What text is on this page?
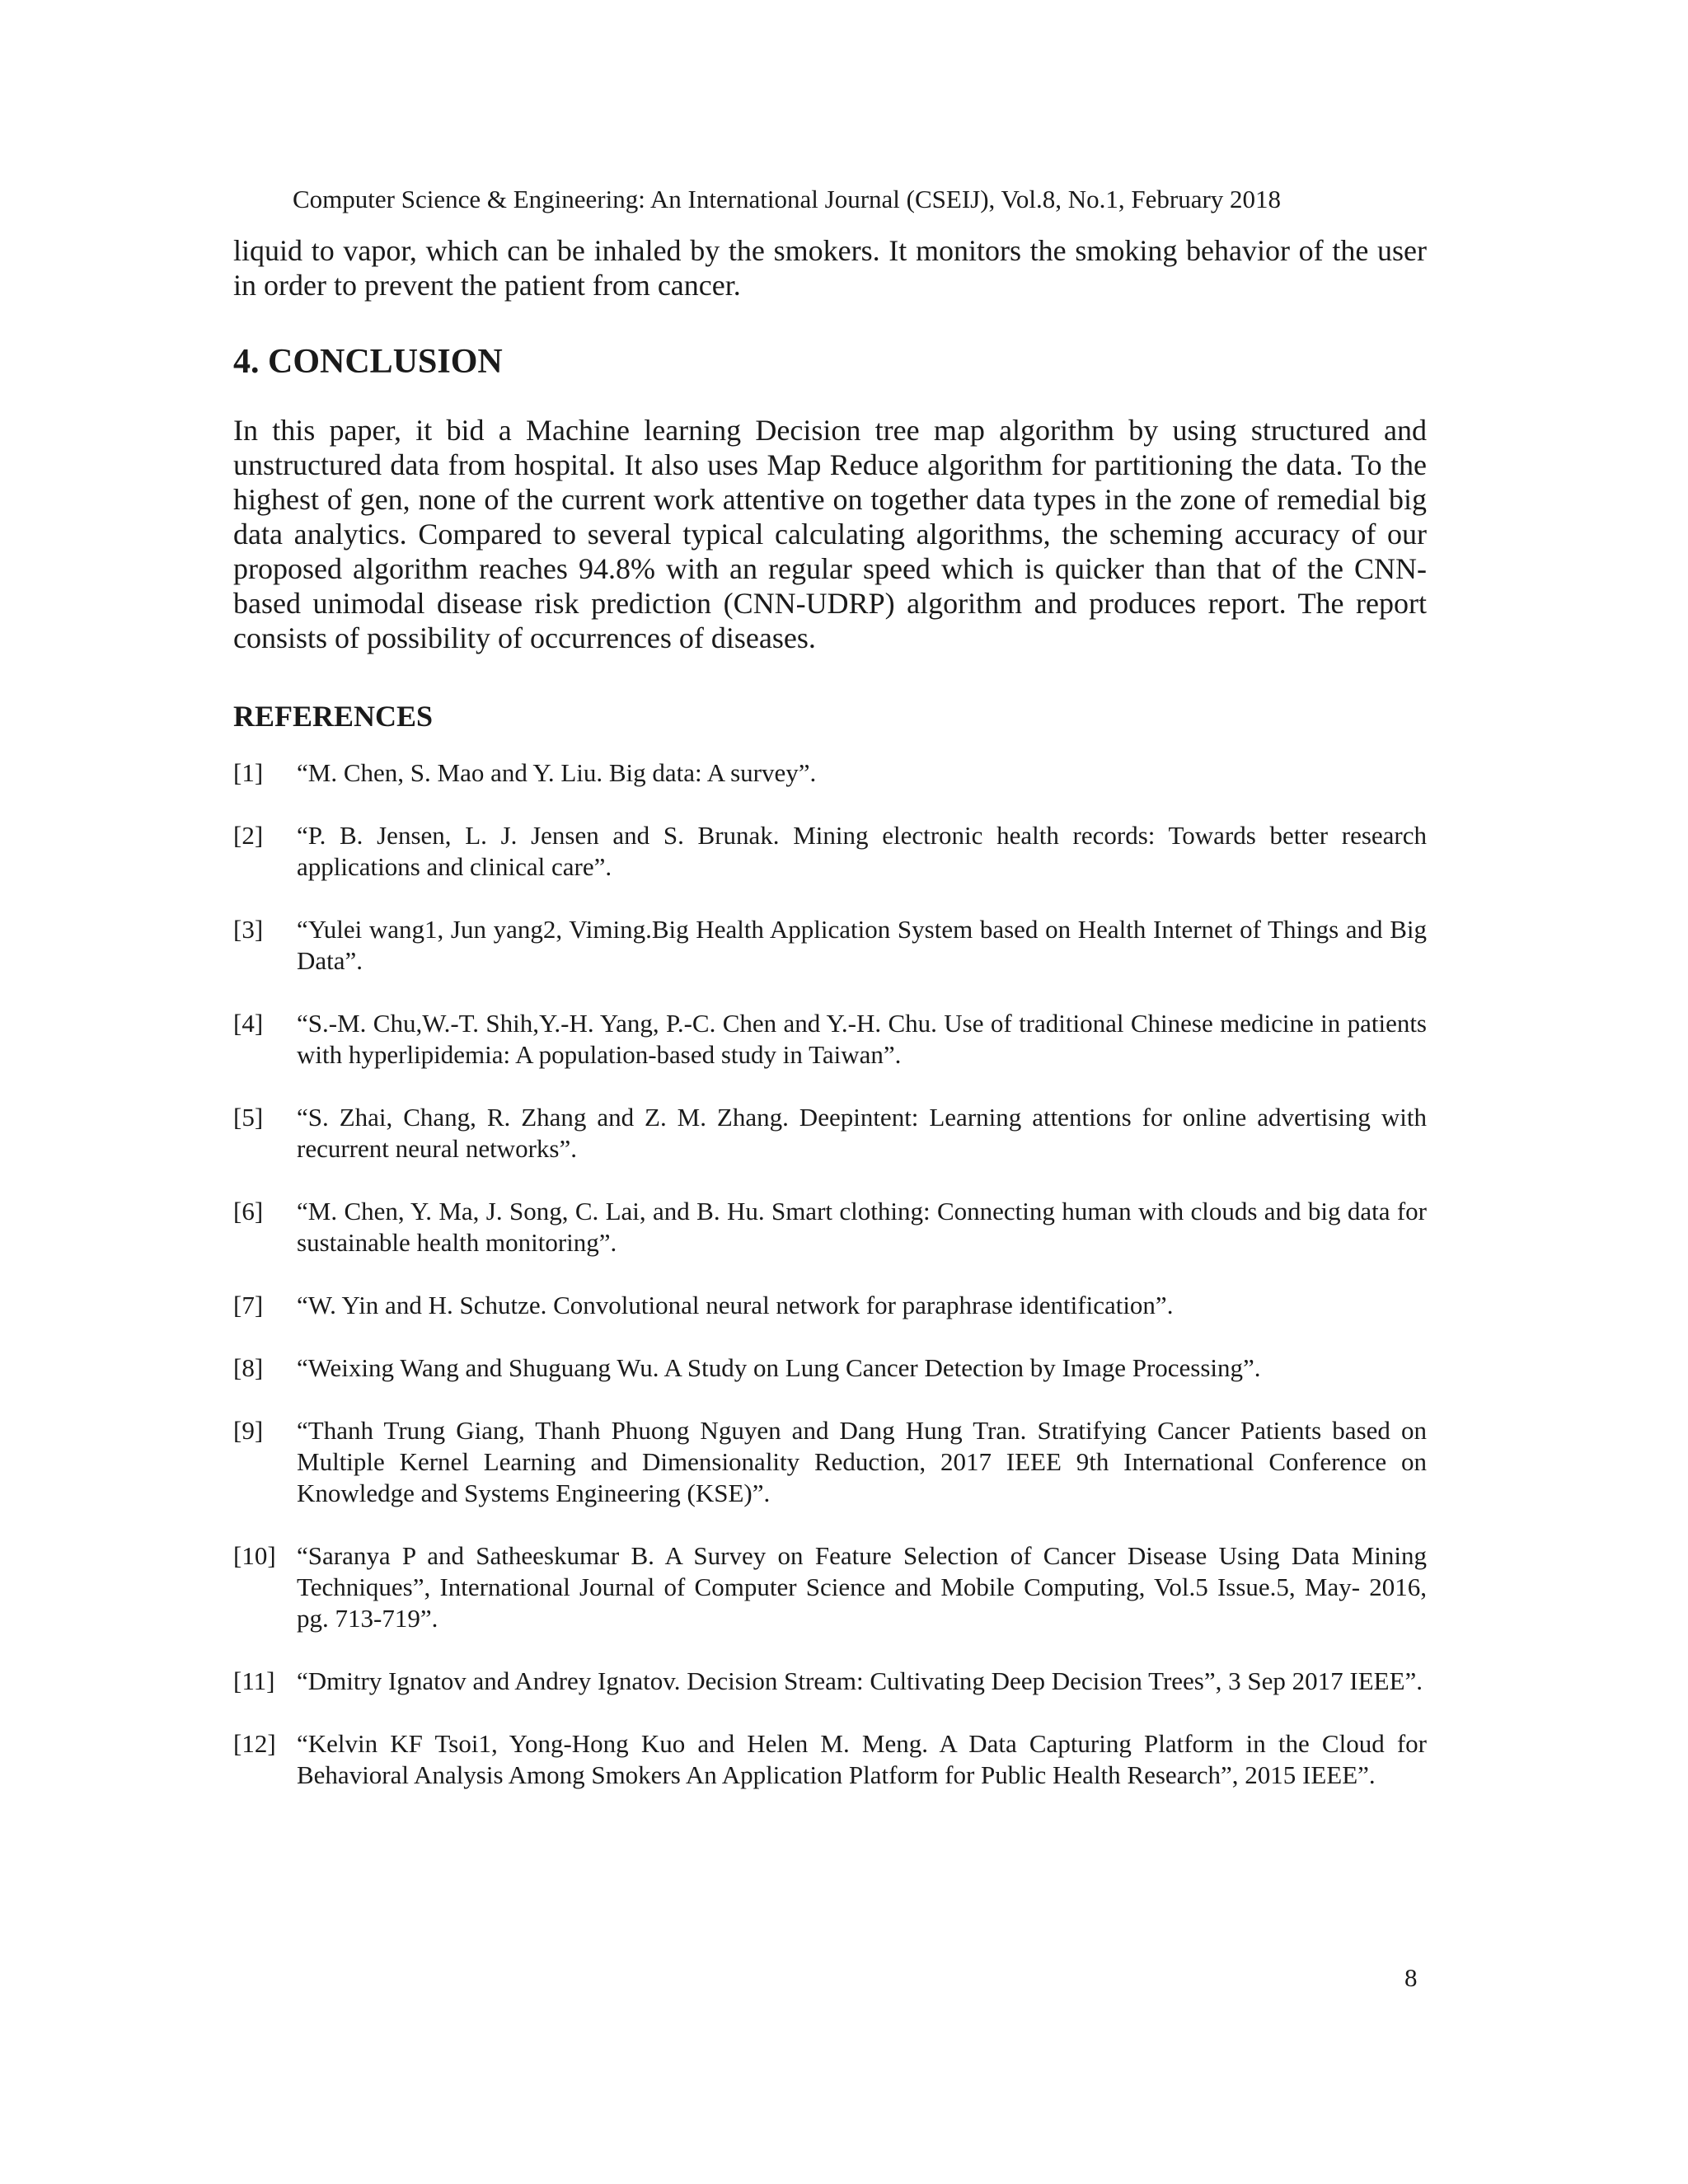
Computer Science & Engineering: An International Journal (CSEIJ), Vol.8, No.1, February 2018

liquid to vapor, which can be inhaled by the smokers. It monitors the smoking behavior of the user in order to prevent the patient from cancer.

4. CONCLUSION

In this paper, it bid a Machine learning Decision tree map algorithm by using structured and unstructured data from hospital. It also uses Map Reduce algorithm for partitioning the data. To the highest of gen, none of the current work attentive on together data types in the zone of remedial big data analytics. Compared to several typical calculating algorithms, the scheming accuracy of our proposed algorithm reaches 94.8% with an regular speed which is quicker than that of the CNN-based unimodal disease risk prediction (CNN-UDRP) algorithm and produces report. The report consists of possibility of occurrences of diseases.

REFERENCES
[1] “M. Chen, S. Mao and Y. Liu. Big data: A survey”.
[2] “P. B. Jensen, L. J. Jensen and S. Brunak. Mining electronic health records: Towards better research applications and clinical care”.
[3] “Yulei wang1, Jun yang2, Viming.Big Health Application System based on Health Internet of Things and Big Data”.
[4] “S.-M. Chu,W.-T. Shih,Y.-H. Yang, P.-C. Chen and Y.-H. Chu. Use of traditional Chinese medicine in patients with hyperlipidemia: A population-based study in Taiwan”.
[5] “S. Zhai, Chang, R. Zhang and Z. M. Zhang. Deepintent: Learning attentions for online advertising with recurrent neural networks”.
[6] “M. Chen, Y. Ma, J. Song, C. Lai, and B. Hu. Smart clothing: Connecting human with clouds and big data for sustainable health monitoring”.
[7] “W. Yin and H. Schutze. Convolutional neural network for paraphrase identification”.
[8] “Weixing Wang and Shuguang Wu. A Study on Lung Cancer Detection by Image Processing”.
[9] “Thanh Trung Giang, Thanh Phuong Nguyen and Dang Hung Tran. Stratifying Cancer Patients based on Multiple Kernel Learning and Dimensionality Reduction, 2017 IEEE 9th International Conference on Knowledge and Systems Engineering (KSE)”.
[10] “Saranya P and Satheeskumar B. A Survey on Feature Selection of Cancer Disease Using Data Mining Techniques”, International Journal of Computer Science and Mobile Computing, Vol.5 Issue.5, May- 2016, pg. 713-719”.
[11] “Dmitry Ignatov and Andrey Ignatov. Decision Stream: Cultivating Deep Decision Trees”, 3 Sep 2017 IEEE”.
[12] “Kelvin KF Tsoi1, Yong-Hong Kuo and Helen M. Meng. A Data Capturing Platform in the Cloud for Behavioral Analysis Among Smokers An Application Platform for Public Health Research”, 2015 IEEE”.
8
